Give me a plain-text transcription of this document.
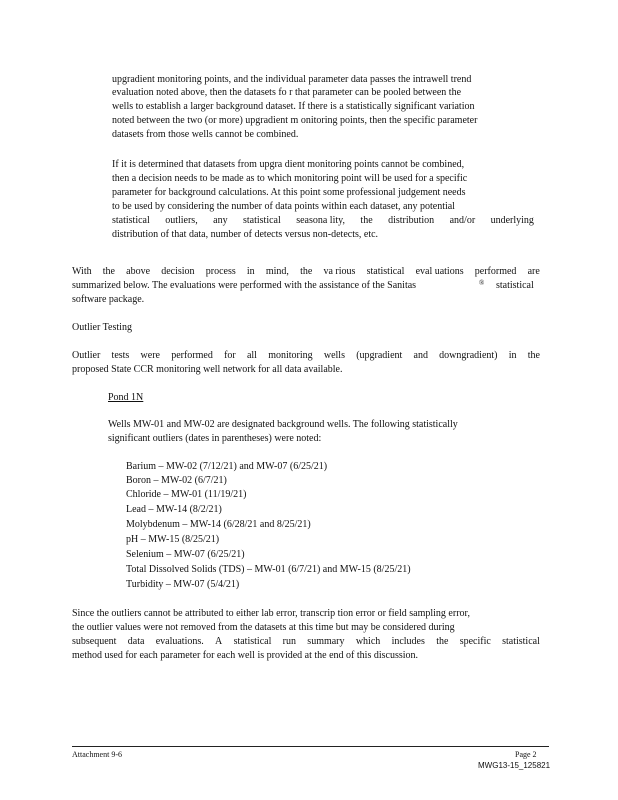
upgradient monitoring points, and the individual parameter data passes the intrawell trend
evaluation noted above, then the datasets fo r that parameter can be pooled between the
wells to establish a larger background dataset. If there is a statistically significant variation
noted between the two (or more) upgradient m onitoring points, then the specific parameter
datasets from those wells cannot be combined.
If it is determined that datasets from upgra dient monitoring points cannot be combined,
then a decision needs to be made as to which monitoring point will be used for a specific
parameter for background calculations. At this point some professional judgement needs
to be used by considering the number of data points within each dataset, any potential
statistical outliers, any statistical seasona lity, the distribution and/or underlying
distribution of that data, number of detects versus non-detects, etc.
With the above decision process in mind, the va rious statistical eval uations performed are
summarized below. The evaluations were performed with the assistance of the Sanitas	® statistical
software package.
Outlier Testing
Outlier tests were performed for all monitoring wells (upgradient and downgradient) in the
proposed State CCR monitoring well network for all data available.
Pond 1N
Wells MW-01 and MW-02 are designated background wells. The following statistically
significant outliers (dates in parentheses) were noted:
Barium – MW-02 (7/12/21) and MW-07 (6/25/21)
Boron – MW-02 (6/7/21)
Chloride – MW-01 (11/19/21)
Lead – MW-14 (8/2/21)
Molybdenum – MW-14 (6/28/21 and 8/25/21)
pH – MW-15 (8/25/21)
Selenium – MW-07 (6/25/21)
Total Dissolved Solids (TDS) – MW-01 (6/7/21) and MW-15 (8/25/21)
Turbidity – MW-07 (5/4/21)
Since the outliers cannot be attributed to either lab error, transcrip tion error or field sampling error,
the outlier values were not removed from the datasets at this time but may be considered during
subsequent data evaluations. A statistical run summary which includes the specific statistical
method used for each parameter for each well is provided at the end of this discussion.
Attachment 9-6	Page 2
MWG13-15_125821
